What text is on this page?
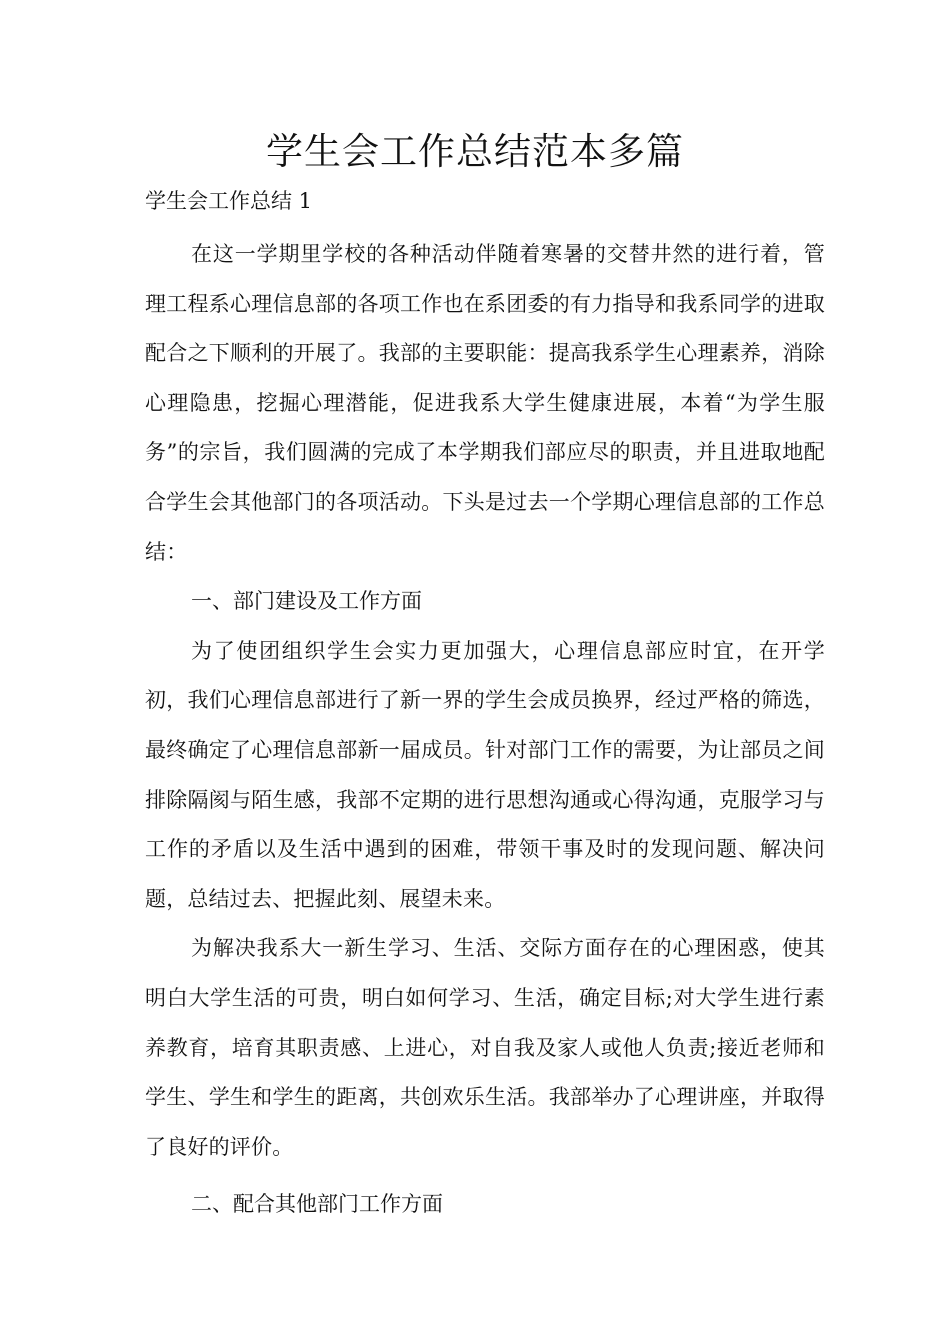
学生会工作总结范本多篇
学生会工作总结 1

在这一学期里学校的各种活动伴随着寒暑的交替井然的进行着，管理工程系心理信息部的各项工作也在系团委的有力指导和我系同学的进取配合之下顺利的开展了。我部的主要职能：提高我系学生心理素养，消除心理隐患，挖掘心理潜能，促进我系大学生健康进展，本着“为学生服务”的宗旨，我们圆满的完成了本学期我们部应尽的职责，并且进取地配合学生会其他部门的各项活动。下头是过去一个学期心理信息部的工作总结：

一、部门建设及工作方面

为了使团组织学生会实力更加强大，心理信息部应时宜，在开学初，我们心理信息部进行了新一界的学生会成员换界，经过严格的筛选，最终确定了心理信息部新一届成员。针对部门工作的需要，为让部员之间排除隔阂与陌生感，我部不定期的进行思想沟通或心得沟通，克服学习与工作的矛盾以及生活中遇到的困难，带领干事及时的发现问题、解决问题，总结过去、把握此刻、展望未来。

为解决我系大一新生学习、生活、交际方面存在的心理困惑，使其明白大学生活的可贵，明白如何学习、生活，确定目标;对大学生进行素养教育，培育其职责感、上进心，对自我及家人或他人负责;接近老师和学生、学生和学生的距离，共创欢乐生活。我部举办了心理讲座，并取得了良好的评价。

二、配合其他部门工作方面
